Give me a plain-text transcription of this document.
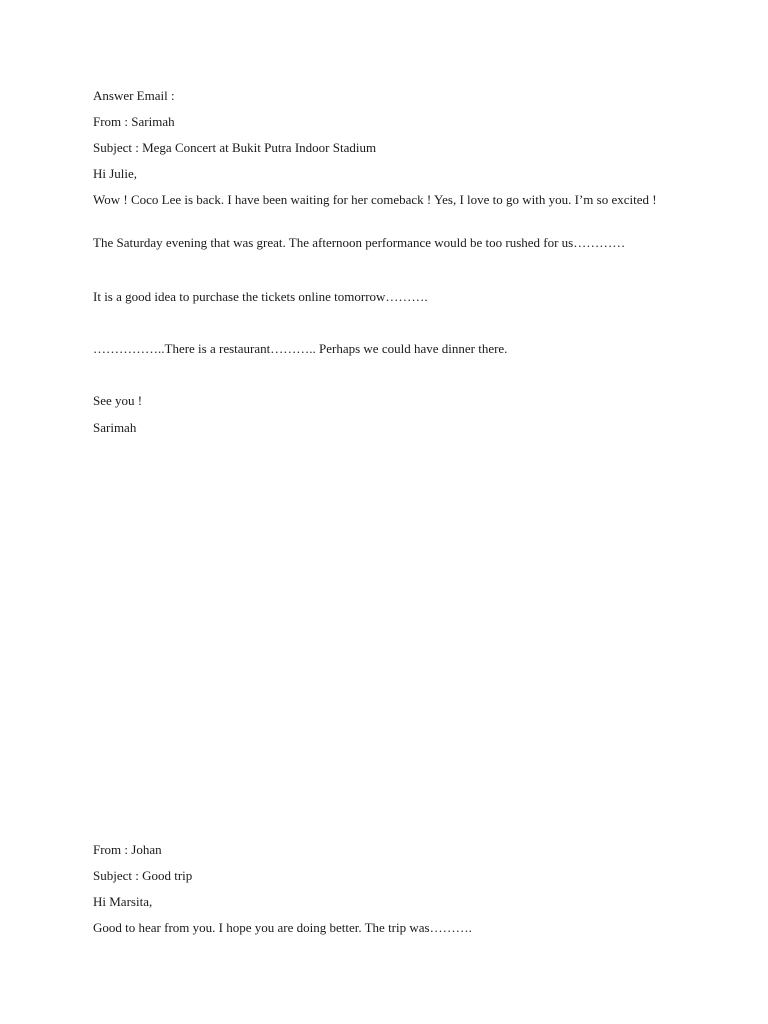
Answer Email :
From : Sarimah
Subject : Mega Concert at Bukit Putra Indoor Stadium
Hi Julie,
Wow ! Coco Lee is back. I have been waiting for her comeback ! Yes, I love to go with you. I’m so excited !
The Saturday evening that was great. The afternoon performance would be too rushed for us…………
It is a good idea to purchase the tickets online tomorrow……….
……………..There is a restaurant……….. Perhaps we could have dinner there.
See you !
Sarimah
From : Johan
Subject : Good trip
Hi Marsita,
Good to hear from you. I hope you are doing better. The trip was……….
